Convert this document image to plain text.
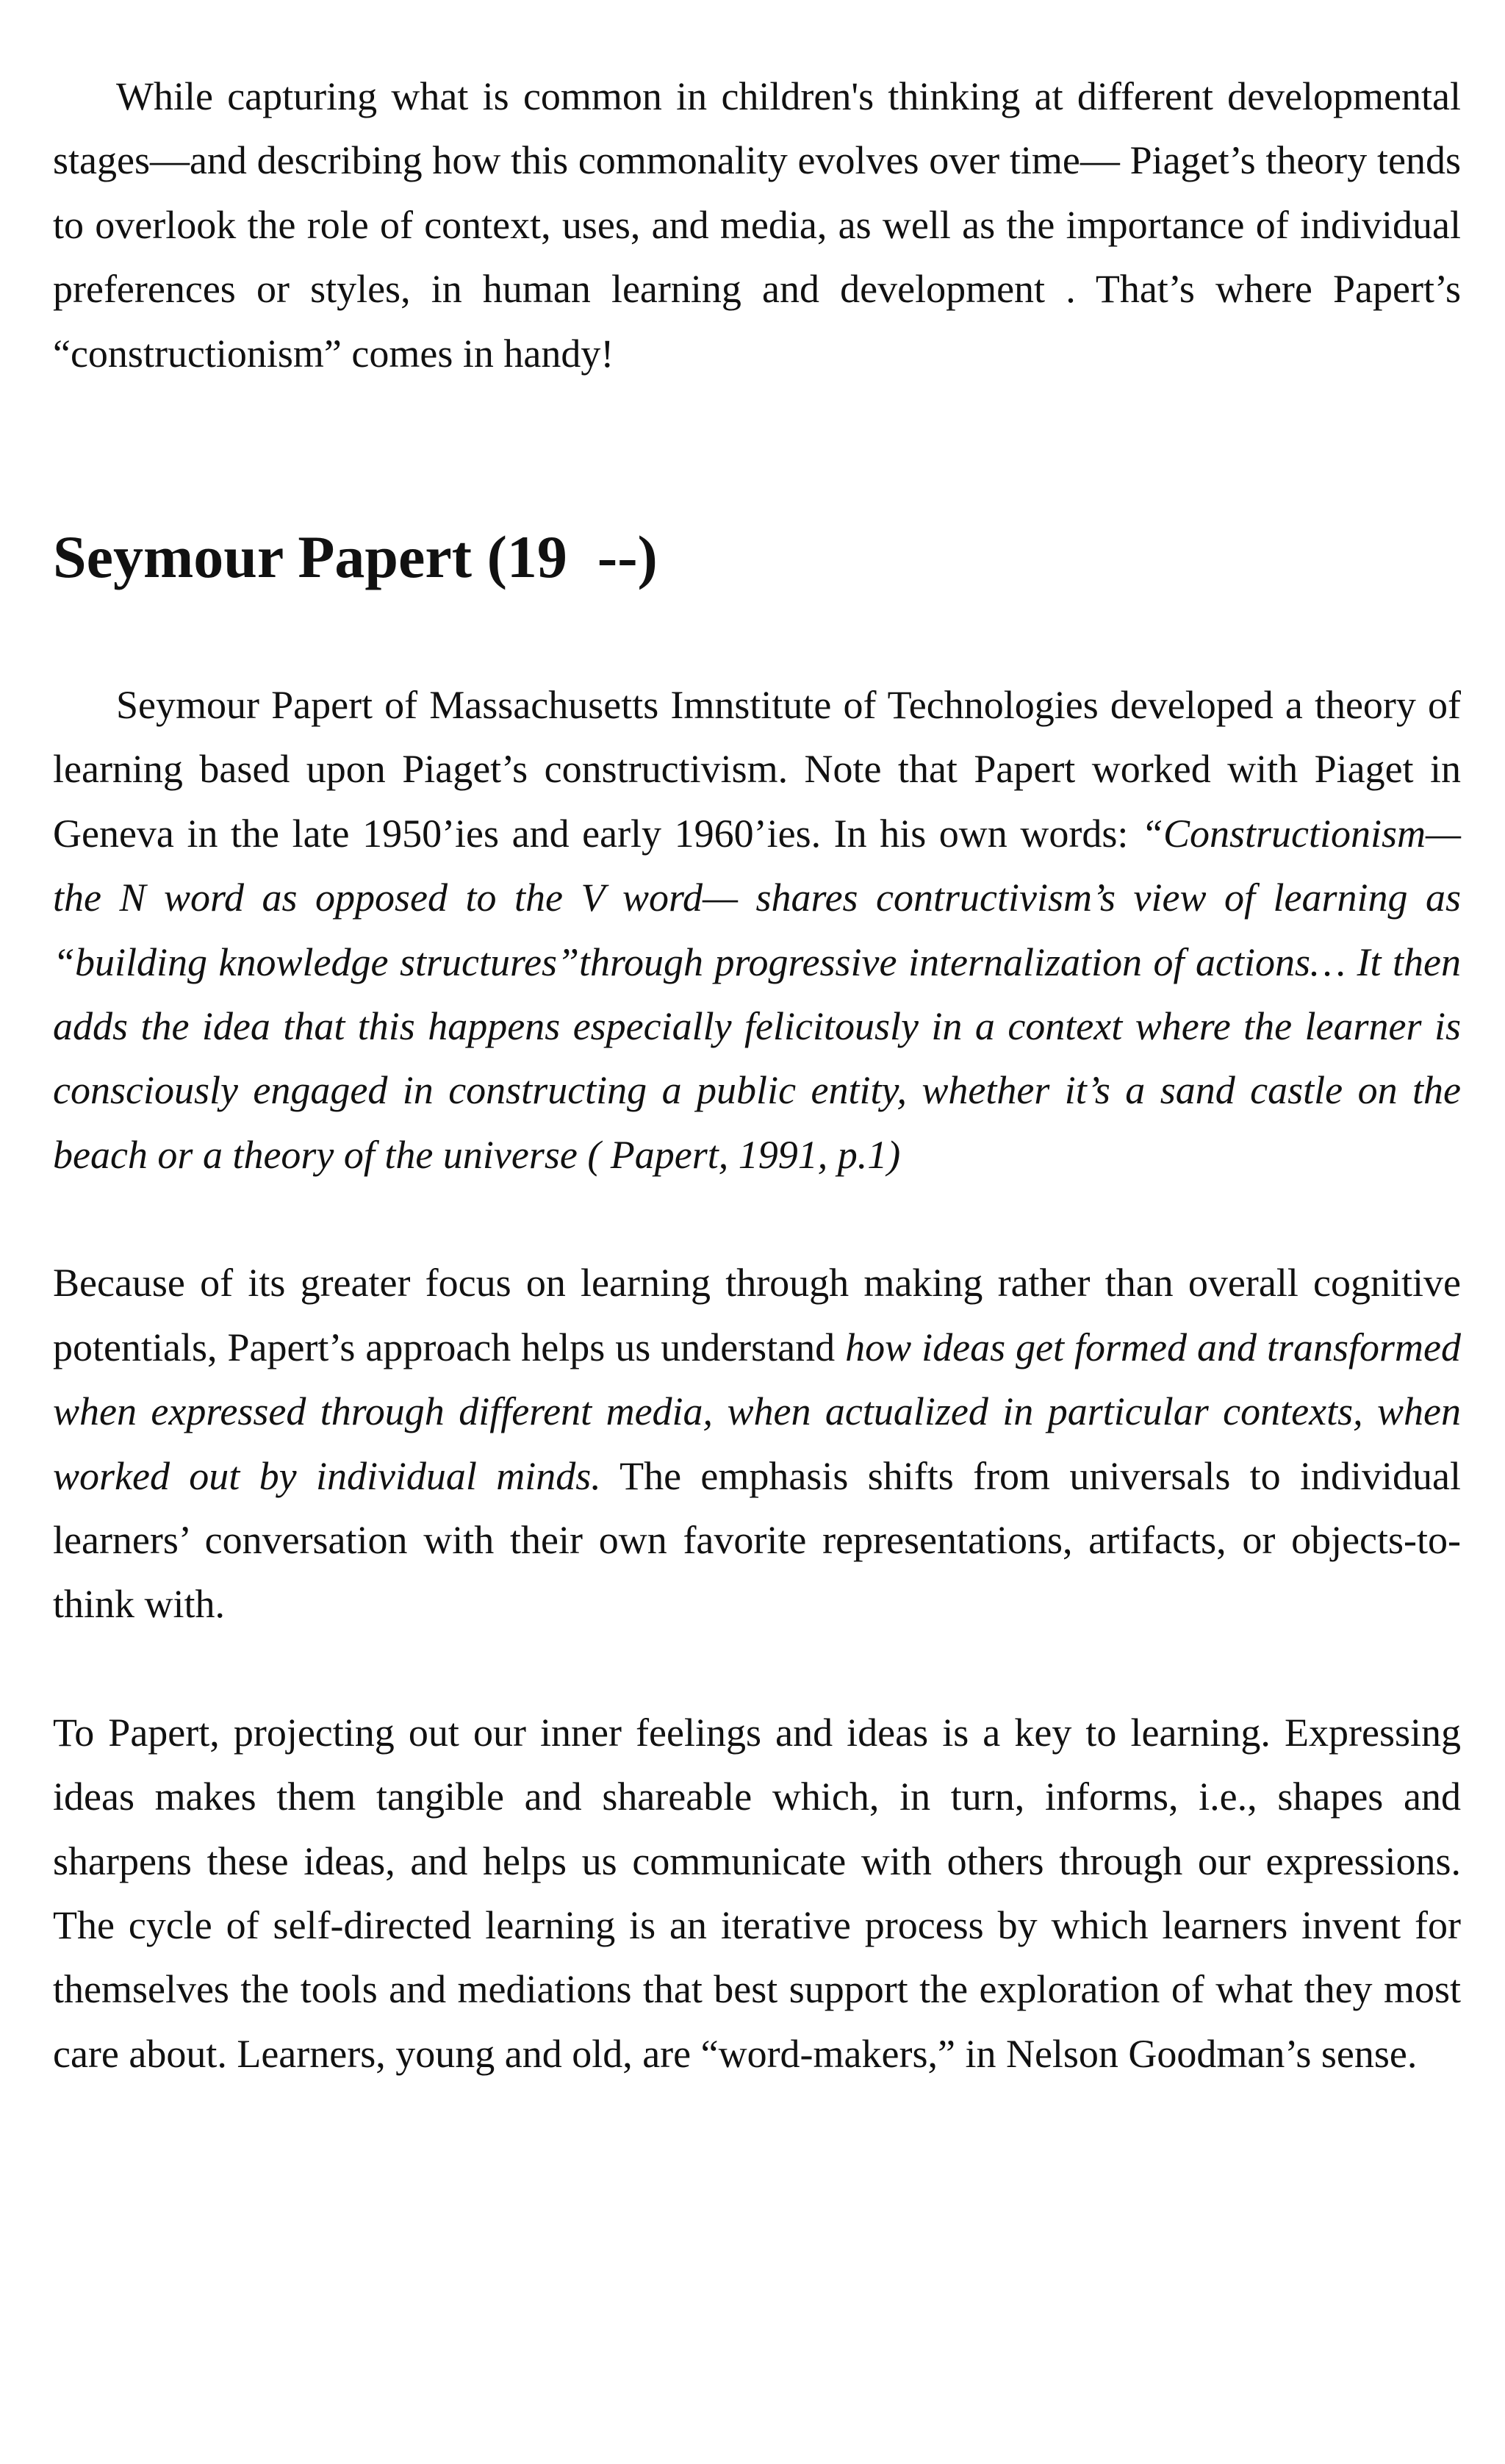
While capturing what is common in children's thinking at different developmental stages—and describing how this commonality evolves over time— Piaget’s theory tends to overlook the role of context, uses, and media, as well as the importance of individual preferences or styles, in human learning and development . That’s where Papert’s “constructionism” comes in handy!

Seymour Papert (19  --)

Seymour Papert of Massachusetts Imnstitute of Technologies developed a theory of learning based upon Piaget’s constructivism. Note that Papert worked with Piaget in Geneva in the late 1950’ies and early 1960’ies. In his own words: “Constructionism—the N word as opposed to the V word— shares contructivism’s view of learning as “building knowledge structures”through progressive internalization of actions… It then adds the idea that this happens especially felicitously in a context where the learner is consciously engaged in constructing a public entity, whether it’s a sand castle on the beach or a theory of the universe ( Papert, 1991, p.1)

Because of its greater focus on learning through making rather than overall cognitive potentials, Papert’s approach helps us understand how ideas get formed and transformed when expressed through different media, when actualized in particular contexts, when worked out by individual minds. The emphasis shifts from universals to individual learners’ conversation with their own favorite representations, artifacts, or objects-to-think with.

To Papert, projecting out our inner feelings and ideas is a key to learning. Expressing ideas makes them tangible and shareable which, in turn, informs, i.e., shapes and sharpens these ideas, and helps us communicate with others through our expressions. The cycle of self-directed learning is an iterative process by which learners invent for themselves the tools and mediations that best support the exploration of what they most care about. Learners, young and old, are “word-makers,” in Nelson Goodman’s sense.
